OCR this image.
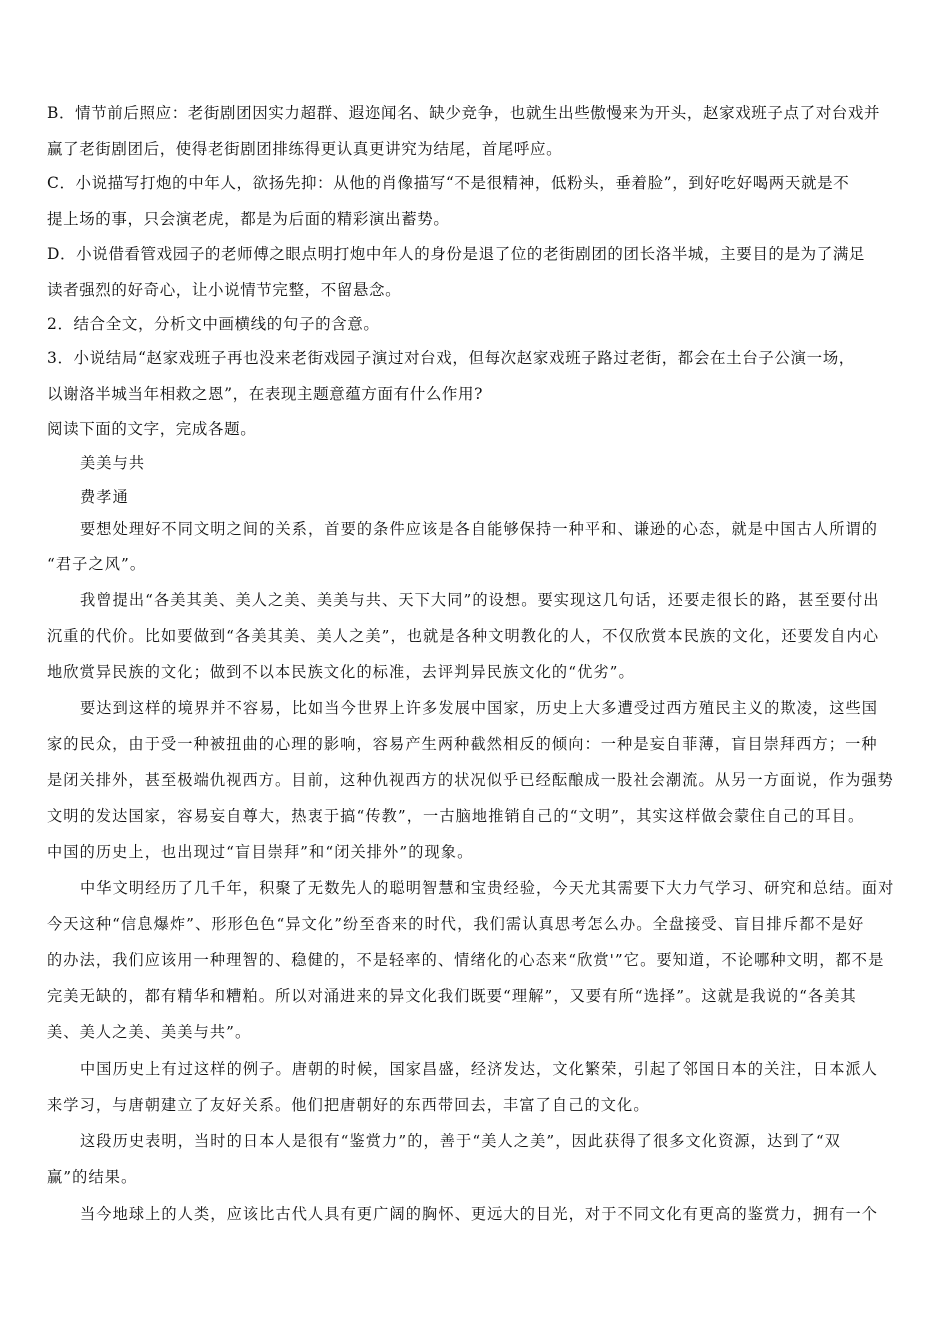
B．情节前后照应：老街剧团因实力超群、遐迩闻名、缺少竞争，也就生出些傲慢来为开头，赵家戏班子点了对台戏并
赢了老街剧团后，使得老街剧团排练得更认真更讲究为结尾，首尾呼应。
C．小说描写打炮的中年人，欲扬先抑：从他的肖像描写“不是很精神，低粉头，垂着脸”，到好吃好喝两天就是不
提上场的事，只会演老虎，都是为后面的精彩演出蓄势。
D．小说借看管戏园子的老师傅之眼点明打炮中年人的身份是退了位的老街剧团的团长洛半城，主要目的是为了满足
读者强烈的好奇心，让小说情节完整，不留悬念。
2．结合全文，分析文中画横线的句子的含意。
3．小说结局“赵家戏班子再也没来老街戏园子演过对台戏，但每次赵家戏班子路过老街，都会在土台子公演一场，
以谢洛半城当年相救之恩”，在表现主题意蕴方面有什么作用?
阅读下面的文字，完成各题。
美美与共
费孝通
要想处理好不同文明之间的关系，首要的条件应该是各自能够保持一种平和、谦逊的心态，就是中国古人所谓的
“君子之风”。
我曾提出“各美其美、美人之美、美美与共、天下大同”的设想。要实现这几句话，还要走很长的路，甚至要付出
沉重的代价。比如要做到“各美其美、美人之美”，也就是各种文明教化的人，不仅欣赏本民族的文化，还要发自内心
地欣赏异民族的文化；做到不以本民族文化的标准，去评判异民族文化的“优劣”。
要达到这样的境界并不容易，比如当今世界上许多发展中国家，历史上大多遭受过西方殖民主义的欺凌，这些国
家的民众，由于受一种被扭曲的心理的影响，容易产生两种截然相反的倾向：一种是妄自菲薄，盲目崇拜西方；一种
是闭关排外，甚至极端仇视西方。目前，这种仇视西方的状况似乎已经酝酿成一股社会潮流。从另一方面说，作为强势
文明的发达国家，容易妄自尊大，热衷于搞“传教”，一古脑地推销自己的“文明”，其实这样做会蒙住自己的耳目。
中国的历史上，也出现过“盲目崇拜”和“闭关排外”的现象。
中华文明经历了几千年，积聚了无数先人的聪明智慧和宝贵经验，今天尤其需要下大力气学习、研究和总结。面对
今天这种“信息爆炸”、形形色色“异文化”纷至沓来的时代，我们需认真思考怎么办。全盘接受、盲目排斥都不是好
的办法，我们应该用一种理智的、稳健的，不是轻率的、情绪化的心态来“欣赏'”它。要知道，不论哪种文明，都不是
完美无缺的，都有精华和糟粕。所以对涌进来的异文化我们既要“理解”，又要有所“选择”。这就是我说的“各美其
美、美人之美、美美与共”。
中国历史上有过这样的例子。唐朝的时候，国家昌盛，经济发达，文化繁荣，引起了邻国日本的关注，日本派人
来学习，与唐朝建立了友好关系。他们把唐朝好的东西带回去，丰富了自己的文化。
这段历史表明，当时的日本人是很有“鉴赏力”的，善于“美人之美”，因此获得了很多文化资源，达到了“双
赢”的结果。
当今地球上的人类，应该比古代人具有更广阔的胸怀、更远大的目光，对于不同文化有更高的鉴赏力，拥有一个
